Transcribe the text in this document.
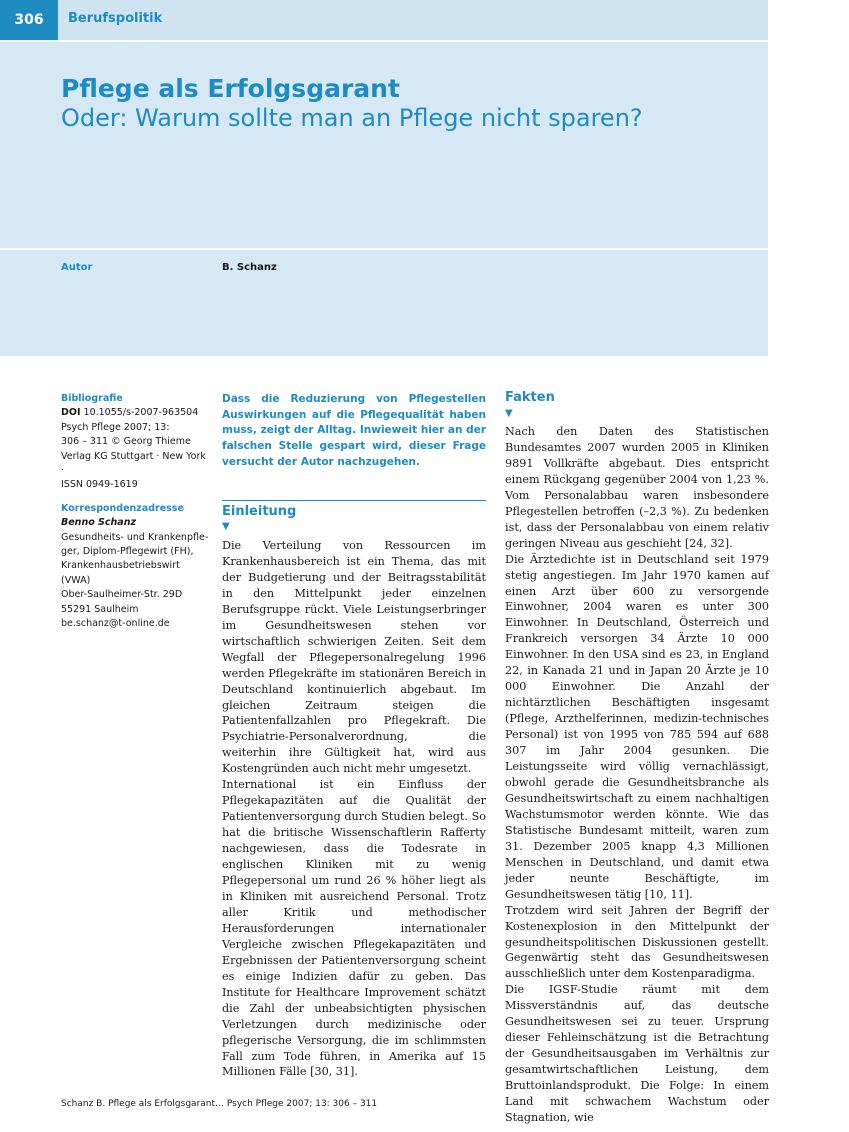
306	Berufspolitik
Pflege als Erfolgsgarant
Oder: Warum sollte man an Pflege nicht sparen?
Autor	B. Schanz

Bibliografie

DOI 10.1055/s-2007-963504

Psych Pflege 2007; 13:

306 – 311 © Georg Thieme

Verlag KG Stuttgart · New York ·

ISSN 0949-1619

Korrespondenzadresse

Benno Schanz

Gesundheits- und Krankenpfle-

ger, Diplom-Pflegewirt (FH),

Krankenhausbetriebswirt

(VWA)

Ober-Saulheimer-Str. 29D

55291 Saulheim

be.schanz@t-online.de

Dass die Reduzierung von Pflegestellen Auswirkungen auf die Pflegequalität haben muss, zeigt der Alltag. Inwieweit hier an der falschen Stelle gespart wird, dieser Frage versucht der Autor nachzugehen.

Einleitung
▼

Die Verteilung von Ressourcen im Krankenhausbereich ist ein Thema, das mit der Budgetierung und der Beitragsstabilität in den Mittelpunkt jeder einzelnen Berufsgruppe rückt. Viele Leistungserbringer im Gesundheitswesen stehen vor wirtschaftlich schwierigen Zeiten. Seit dem Wegfall der Pflegepersonalregelung 1996 werden Pflegekräfte im stationären Bereich in Deutschland kontinuierlich abgebaut. Im gleichen Zeitraum steigen die Patientenfallzahlen pro Pflegekraft. Die Psychiatrie-Personalverordnung, die weiterhin ihre Gültigkeit hat, wird aus Kostengründen auch nicht mehr umgesetzt.

International ist ein Einfluss der Pflegekapazitäten auf die Qualität der Patientenversorgung durch Studien belegt. So hat die britische Wissenschaftlerin Rafferty nachgewiesen, dass die Todesrate in englischen Kliniken mit zu wenig Pflegepersonal um rund 26 % höher liegt als in Kliniken mit ausreichend Personal. Trotz aller Kritik und methodischer Herausforderungen internationaler Vergleiche zwischen Pflegekapazitäten und Ergebnissen der Patientenversorgung scheint es einige Indizien dafür zu geben. Das Institute for Healthcare Improvement schätzt die Zahl der unbeabsichtigten physischen Verletzungen durch medizinische oder pflegerische Versorgung, die im schlimmsten Fall zum Tode führen, in Amerika auf 15 Millionen Fälle [30, 31].

Fakten
▼

Nach den Daten des Statistischen Bundesamtes 2007 wurden 2005 in Kliniken 9891 Vollkräfte abgebaut. Dies entspricht einem Rückgang gegenüber 2004 von 1,23 %. Vom Personalabbau waren insbesondere Pflegestellen betroffen (–2,3 %). Zu bedenken ist, dass der Personalabbau von einem relativ geringen Niveau aus geschieht [24, 32].

Die Ärztedichte ist in Deutschland seit 1979 stetig angestiegen. Im Jahr 1970 kamen auf einen Arzt über 600 zu versorgende Einwohner, 2004 waren es unter 300 Einwohner. In Deutschland, Österreich und Frankreich versorgen 34 Ärzte 10 000 Einwohner. In den USA sind es 23, in England 22, in Kanada 21 und in Japan 20 Ärzte je 10 000 Einwohner. Die Anzahl der nichtärztlichen Beschäftigten insgesamt (Pflege, Arzthelferinnen, medizin-technisches Personal) ist von 1995 von 785 594 auf 688 307 im Jahr 2004 gesunken. Die Leistungsseite wird völlig vernachlässigt, obwohl gerade die Gesundheitsbranche als Gesundheitswirtschaft zu einem nachhaltigen Wachstumsmotor werden könnte. Wie das Statistische Bundesamt mitteilt, waren zum 31. Dezember 2005 knapp 4,3 Millionen Menschen in Deutschland, und damit etwa jeder neunte Beschäftigte, im Gesundheitswesen tätig [10, 11].

Trotzdem wird seit Jahren der Begriff der Kostenexplosion in den Mittelpunkt der gesundheitspolitischen Diskussionen gestellt. Gegenwärtig steht das Gesundheitswesen ausschließlich unter dem Kostenparadigma.

Die IGSF-Studie räumt mit dem Missverständnis auf, das deutsche Gesundheitswesen sei zu teuer. Ursprung dieser Fehleinschätzung ist die Betrachtung der Gesundheitsausgaben im Verhältnis zur gesamtwirtschaftlichen Leistung, dem Bruttoinlandsprodukt. Die Folge: In einem Land mit schwachem Wachstum oder Stagnation, wie

Schanz B. Pflege als Erfolgsgarant… Psych Pflege 2007; 13: 306 – 311
